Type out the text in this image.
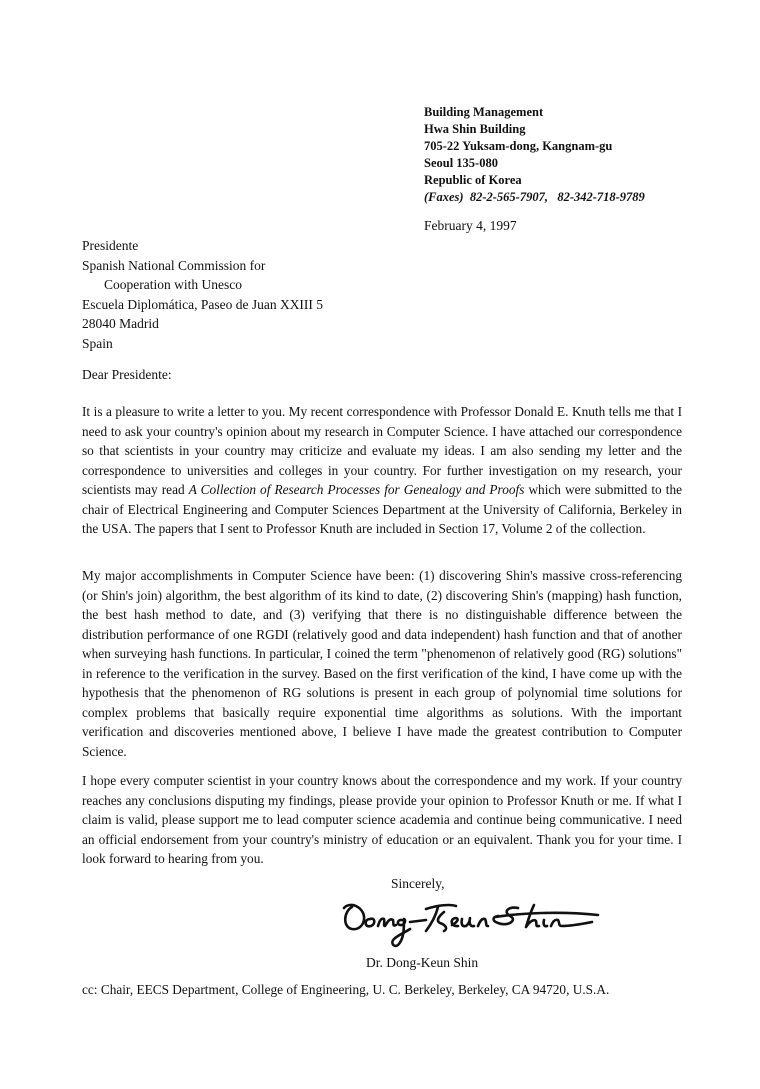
Building Management
Hwa Shin Building
705-22 Yuksam-dong, Kangnam-gu
Seoul 135-080
Republic of Korea
(Faxes)  82-2-565-7907,   82-342-718-9789
February 4, 1997
Presidente
Spanish National Commission for
Cooperation with Unesco
Escuela Diplomática, Paseo de Juan XXIII 5
28040 Madrid
Spain
Dear Presidente:

It is a pleasure to write a letter to you. My recent correspondence with Professor Donald E. Knuth tells me that I need to ask your country's opinion about my research in Computer Science. I have attached our correspondence so that scientists in your country may criticize and evaluate my ideas. I am also sending my letter and the correspondence to universities and colleges in your country. For further investigation on my research, your scientists may read A Collection of Research Processes for Genealogy and Proofs which were submitted to the chair of Electrical Engineering and Computer Sciences Department at the University of California, Berkeley in the USA. The papers that I sent to Professor Knuth are included in Section 17, Volume 2 of the collection.

My major accomplishments in Computer Science have been: (1) discovering Shin's massive cross-referencing (or Shin's join) algorithm, the best algorithm of its kind to date, (2) discovering Shin's (mapping) hash function, the best hash method to date, and (3) verifying that there is no distinguishable difference between the distribution performance of one RGDI (relatively good and data independent) hash function and that of another when surveying hash functions. In particular, I coined the term "phenomenon of relatively good (RG) solutions" in reference to the verification in the survey. Based on the first verification of the kind, I have come up with the hypothesis that the phenomenon of RG solutions is present in each group of polynomial time solutions for complex problems that basically require exponential time algorithms as solutions. With the important verification and discoveries mentioned above, I believe I have made the greatest contribution to Computer Science.

I hope every computer scientist in your country knows about the correspondence and my work. If your country reaches any conclusions disputing my findings, please provide your opinion to Professor Knuth or me. If what I claim is valid, please support me to lead computer science academia and continue being communicative. I need an official endorsement from your country's ministry of education or an equivalent. Thank you for your time. I look forward to hearing from you.

Sincerely,
Dr. Dong-Keun Shin
cc: Chair, EECS Department, College of Engineering, U. C. Berkeley, Berkeley, CA 94720, U.S.A.
